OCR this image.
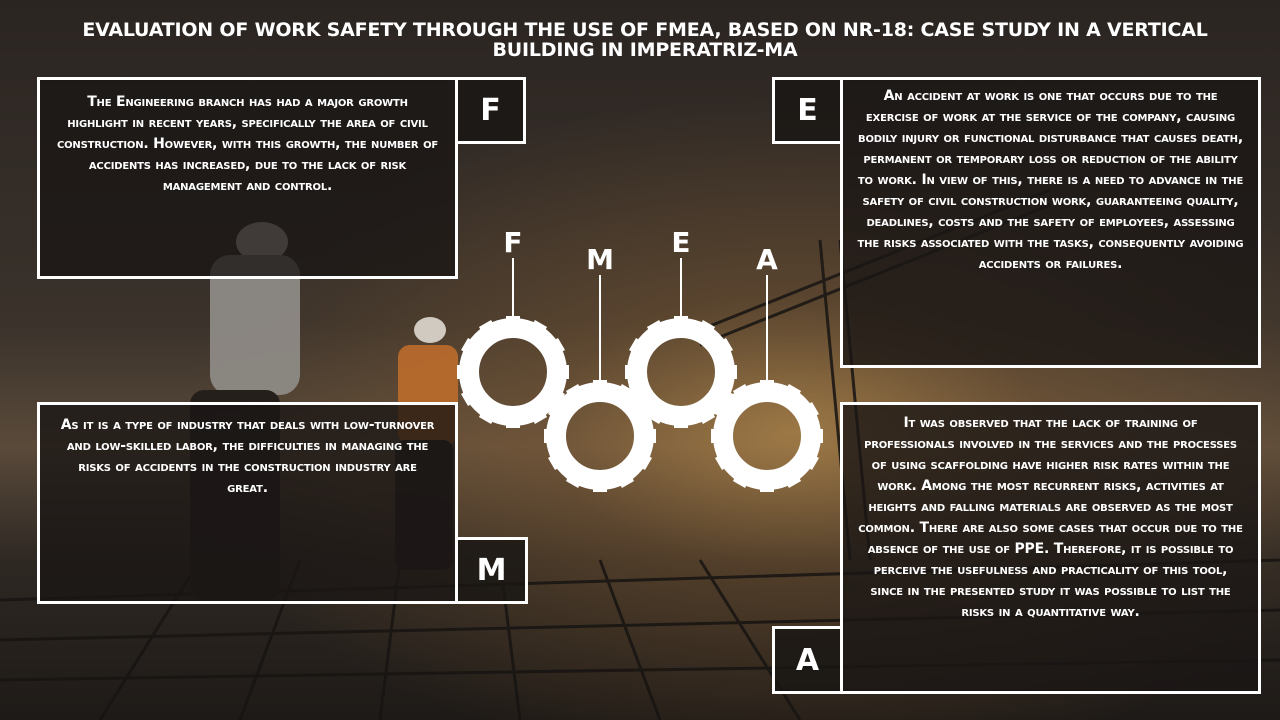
EVALUATION OF WORK SAFETY THROUGH THE USE OF FMEA, BASED ON NR-18: CASE STUDY IN A VERTICAL BUILDING IN IMPERATRIZ-MA

The Engineering branch has had a major growth highlight in recent years, specifically the area of civil construction. However, with this growth, the number of accidents has increased, due to the lack of risk management and control.

F	An accident at work is one that occurs due to the exercise of work at the service of the company, causing bodily injury or functional disturbance that causes death, permanent or temporary loss or reduction of the ability to work. In view of this, there is a need to advance in the safety of civil construction work, guaranteeing quality, deadlines, costs and the safety of employees, assessing the risks associated with the tasks, consequently avoiding accidents or failures.

E

As it is a type of industry that deals with low-turnover and low-skilled labor, the difficulties in managing the risks of accidents in the construction industry are great.

M

It was observed that the lack of training of professionals involved in the services and the processes of using scaffolding have higher risk rates within the work. Among the most recurrent risks, activities at heights and falling materials are observed as the most common. There are also some cases that occur due to the absence of the use of PPE. Therefore, it is possible to perceive the usefulness and practicality of this tool, since in the presented study it was possible to list the risks in a quantitative way.

A
F
M
E
A
